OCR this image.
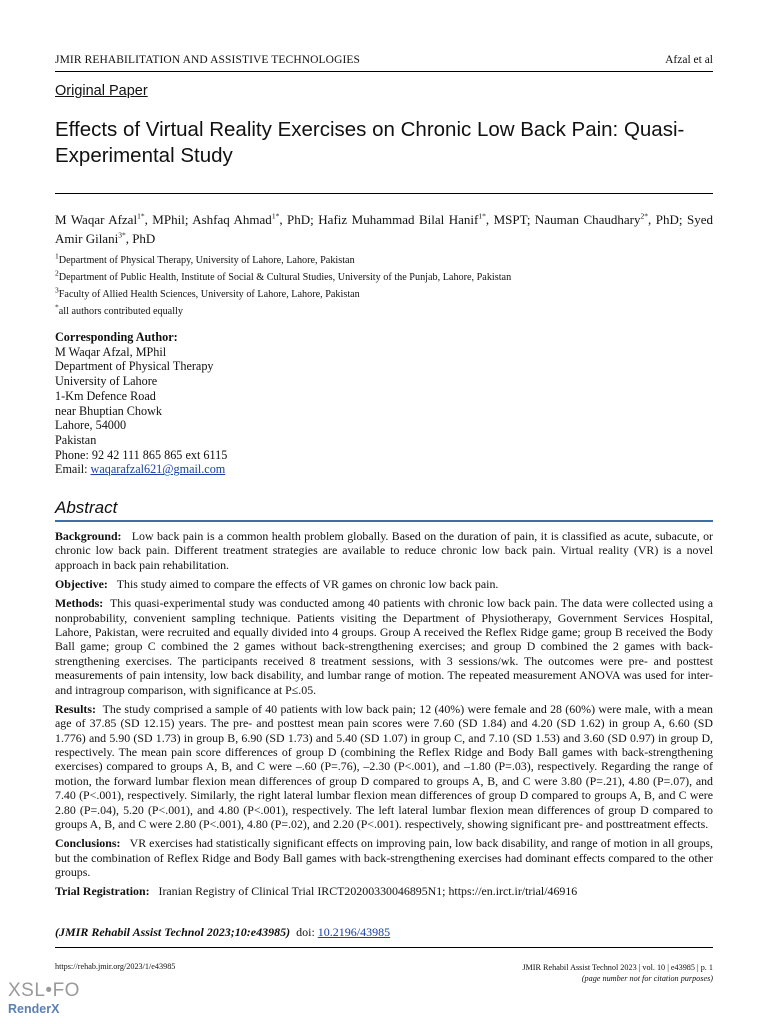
JMIR REHABILITATION AND ASSISTIVE TECHNOLOGIES	Afzal et al
Original Paper
Effects of Virtual Reality Exercises on Chronic Low Back Pain: Quasi-Experimental Study
M Waqar Afzal$^{1*}$, MPhil; Ashfaq Ahmad$^{1*}$, PhD; Hafiz Muhammad Bilal Hanif$^{1*}$, MSPT; Nauman Chaudhary$^{2*}$, PhD; Syed Amir Gilani$^{3*}$, PhD
$^1$Department of Physical Therapy, University of Lahore, Lahore, Pakistan
$^2$Department of Public Health, Institute of Social & Cultural Studies, University of the Punjab, Lahore, Pakistan
$^3$Faculty of Allied Health Sciences, University of Lahore, Lahore, Pakistan
*all authors contributed equally
Corresponding Author:
M Waqar Afzal, MPhil
Department of Physical Therapy
University of Lahore
1-Km Defence Road
near Bhuptian Chowk
Lahore, 54000
Pakistan
Phone: 92 42 111 865 865 ext 6115
Email: waqarafzal621@gmail.com
Abstract

Background: Low back pain is a common health problem globally. Based on the duration of pain, it is classified as acute, subacute, or chronic low back pain. Different treatment strategies are available to reduce chronic low back pain. Virtual reality (VR) is a novel approach in back pain rehabilitation.

Objective: This study aimed to compare the effects of VR games on chronic low back pain.

Methods: This quasi-experimental study was conducted among 40 patients with chronic low back pain. The data were collected using a nonprobability, convenient sampling technique. Patients visiting the Department of Physiotherapy, Government Services Hospital, Lahore, Pakistan, were recruited and equally divided into 4 groups. Group A received the Reflex Ridge game; group B received the Body Ball game; group C combined the 2 games without back-strengthening exercises; and group D combined the 2 games with back-strengthening exercises. The participants received 8 treatment sessions, with 3 sessions/wk. The outcomes were pre- and posttest measurements of pain intensity, low back disability, and lumbar range of motion. The repeated measurement ANOVA was used for inter- and intragroup comparison, with significance at P≤.05.

Results: The study comprised a sample of 40 patients with low back pain; 12 (40%) were female and 28 (60%) were male, with a mean age of 37.85 (SD 12.15) years. The pre- and posttest mean pain scores were 7.60 (SD 1.84) and 4.20 (SD 1.62) in group A, 6.60 (SD 1.776) and 5.90 (SD 1.73) in group B, 6.90 (SD 1.73) and 5.40 (SD 1.07) in group C, and 7.10 (SD 1.53) and 3.60 (SD 0.97) in group D, respectively. The mean pain score differences of group D (combining the Reflex Ridge and Body Ball games with back-strengthening exercises) compared to groups A, B, and C were –.60 (P=.76), –2.30 (P<.001), and –1.80 (P=.03), respectively. Regarding the range of motion, the forward lumbar flexion mean differences of group D compared to groups A, B, and C were 3.80 (P=.21), 4.80 (P=.07), and 7.40 (P<.001), respectively. Similarly, the right lateral lumbar flexion mean differences of group D compared to groups A, B, and C were 2.80 (P=.04), 5.20 (P<.001), and 4.80 (P<.001), respectively. The left lateral lumbar flexion mean differences of group D compared to groups A, B, and C were 2.80 (P<.001), 4.80 (P=.02), and 2.20 (P<.001). respectively, showing significant pre- and posttreatment effects.

Conclusions: VR exercises had statistically significant effects on improving pain, low back disability, and range of motion in all groups, but the combination of Reflex Ridge and Body Ball games with back-strengthening exercises had dominant effects compared to the other groups.

Trial Registration: Iranian Registry of Clinical Trial IRCT20200330046895N1; https://en.irct.ir/trial/46916

(JMIR Rehabil Assist Technol 2023;10:e43985) doi: 10.2196/43985
https://rehab.jmir.org/2023/1/e43985	JMIR Rehabil Assist Technol 2023 | vol. 10 | e43985 | p. 1
(page number not for citation purposes)
XSL•FO
RenderX
